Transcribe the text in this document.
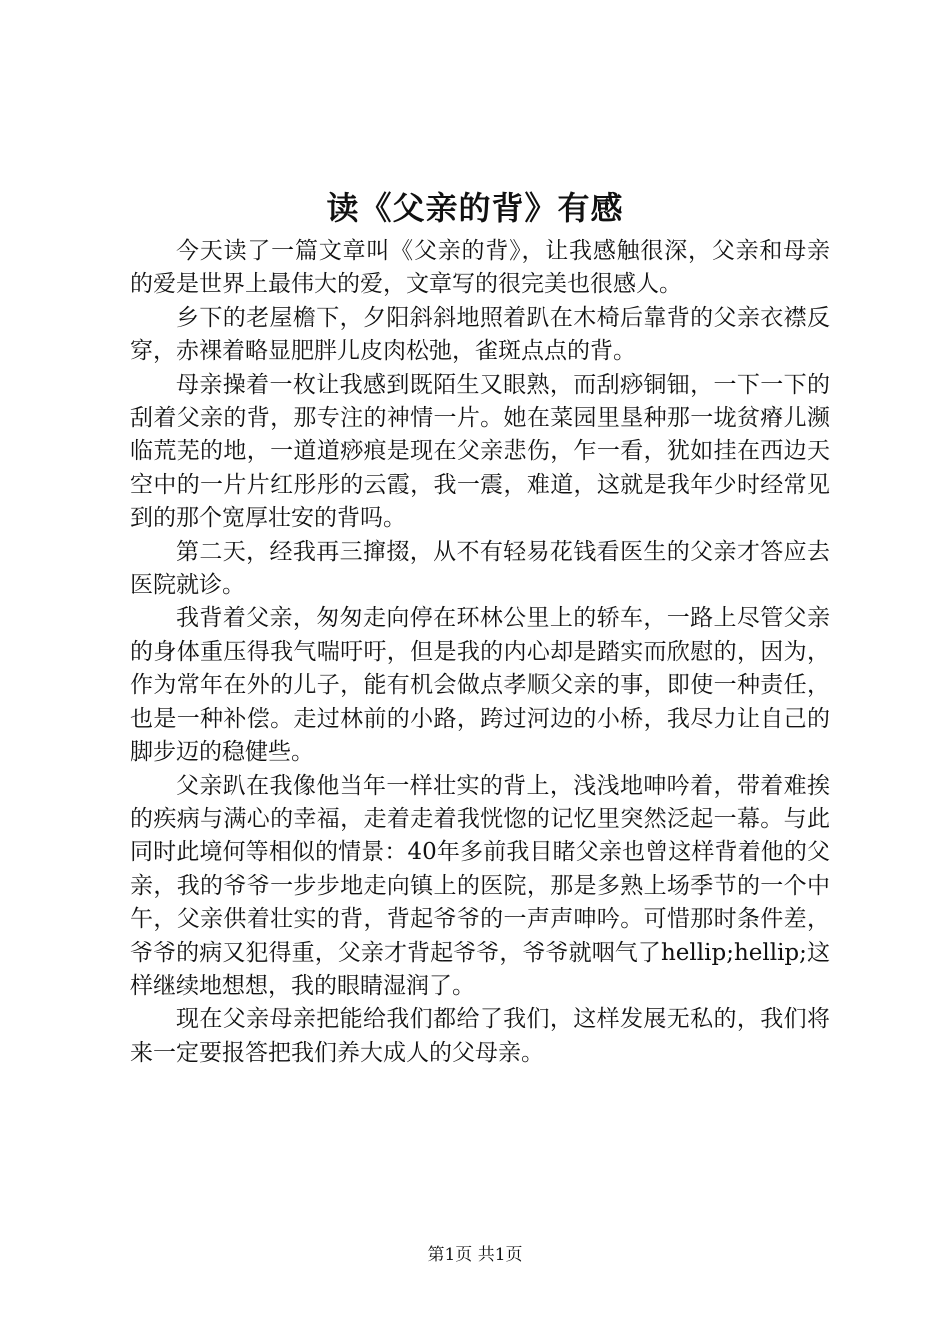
读《父亲的背》有感

今天读了一篇文章叫《父亲的背》，让我感触很深，父亲和母亲的爱是世界上最伟大的爱，文章写的很完美也很感人。

乡下的老屋檐下，夕阳斜斜地照着趴在木椅后靠背的父亲衣襟反穿，赤裸着略显肥胖儿皮肉松弛，雀斑点点的背。

母亲操着一枚让我感到既陌生又眼熟，而刮痧铜钿，一下一下的刮着父亲的背，那专注的神情一片。她在菜园里垦种那一垅贫瘠儿濒临荒芜的地，一道道痧痕是现在父亲悲伤，乍一看，犹如挂在西边天空中的一片片红彤彤的云霞，我一震，难道，这就是我年少时经常见到的那个宽厚壮安的背吗。

第二天，经我再三撺掇，从不有轻易花钱看医生的父亲才答应去医院就诊。

我背着父亲，匆匆走向停在环林公里上的轿车，一路上尽管父亲的身体重压得我气喘吁吁，但是我的内心却是踏实而欣慰的，因为，作为常年在外的儿子，能有机会做点孝顺父亲的事，即使一种责任，也是一种补偿。走过林前的小路，跨过河边的小桥，我尽力让自己的脚步迈的稳健些。

父亲趴在我像他当年一样壮实的背上，浅浅地呻吟着，带着难挨的疾病与满心的幸福，走着走着我恍惚的记忆里突然泛起一幕。与此同时此境何等相似的情景：40年多前我目睹父亲也曾这样背着他的父亲，我的爷爷一步步地走向镇上的医院，那是多熟上场季节的一个中午，父亲供着壮实的背，背起爷爷的一声声呻吟。可惜那时条件差，爷爷的病又犯得重，父亲才背起爷爷，爷爷就咽气了hellip;hellip;这样继续地想想，我的眼睛湿润了。

现在父亲母亲把能给我们都给了我们，这样发展无私的，我们将来一定要报答把我们养大成人的父母亲。

第1页 共1页
